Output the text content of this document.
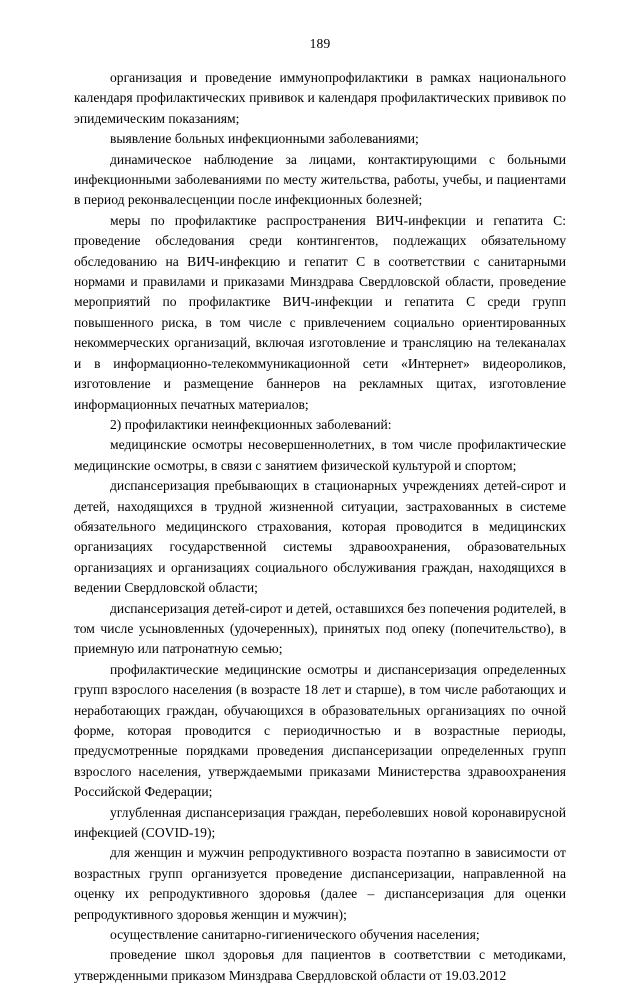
189

организация и проведение иммунопрофилактики в рамках национального календаря профилактических прививок и календаря профилактических прививок по эпидемическим показаниям;

выявление больных инфекционными заболеваниями;

динамическое наблюдение за лицами, контактирующими с больными инфекционными заболеваниями по месту жительства, работы, учебы, и пациентами в период реконвалесценции после инфекционных болезней;

меры по профилактике распространения ВИЧ-инфекции и гепатита С: проведение обследования среди контингентов, подлежащих обязательному обследованию на ВИЧ-инфекцию и гепатит С в соответствии с санитарными нормами и правилами и приказами Минздрава Свердловской области, проведение мероприятий по профилактике ВИЧ-инфекции и гепатита С среди групп повышенного риска, в том числе с привлечением социально ориентированных некоммерческих организаций, включая изготовление и трансляцию на телеканалах и в информационно-телекоммуникационной сети «Интернет» видеороликов, изготовление и размещение баннеров на рекламных щитах, изготовление информационных печатных материалов;

2) профилактики неинфекционных заболеваний:

медицинские осмотры несовершеннолетних, в том числе профилактические медицинские осмотры, в связи с занятием физической культурой и спортом;

диспансеризация пребывающих в стационарных учреждениях детей-сирот и детей, находящихся в трудной жизненной ситуации, застрахованных в системе обязательного медицинского страхования, которая проводится в медицинских организациях государственной системы здравоохранения, образовательных организациях и организациях социального обслуживания граждан, находящихся в ведении Свердловской области;

диспансеризация детей-сирот и детей, оставшихся без попечения родителей, в том числе усыновленных (удочеренных), принятых под опеку (попечительство), в приемную или патронатную семью;

профилактические медицинские осмотры и диспансеризация определенных групп взрослого населения (в возрасте 18 лет и старше), в том числе работающих и неработающих граждан, обучающихся в образовательных организациях по очной форме, которая проводится с периодичностью и в возрастные периоды, предусмотренные порядками проведения диспансеризации определенных групп взрослого населения, утверждаемыми приказами Министерства здравоохранения Российской Федерации;

углубленная диспансеризация граждан, переболевших новой коронавирусной инфекцией (COVID-19);

для женщин и мужчин репродуктивного возраста поэтапно в зависимости от возрастных групп организуется проведение диспансеризации, направленной на оценку их репродуктивного здоровья (далее – диспансеризация для оценки репродуктивного здоровья женщин и мужчин);

осуществление санитарно-гигиенического обучения населения;

проведение школ здоровья для пациентов в соответствии с методиками, утвержденными приказом Минздрава Свердловской области от 19.03.2012
